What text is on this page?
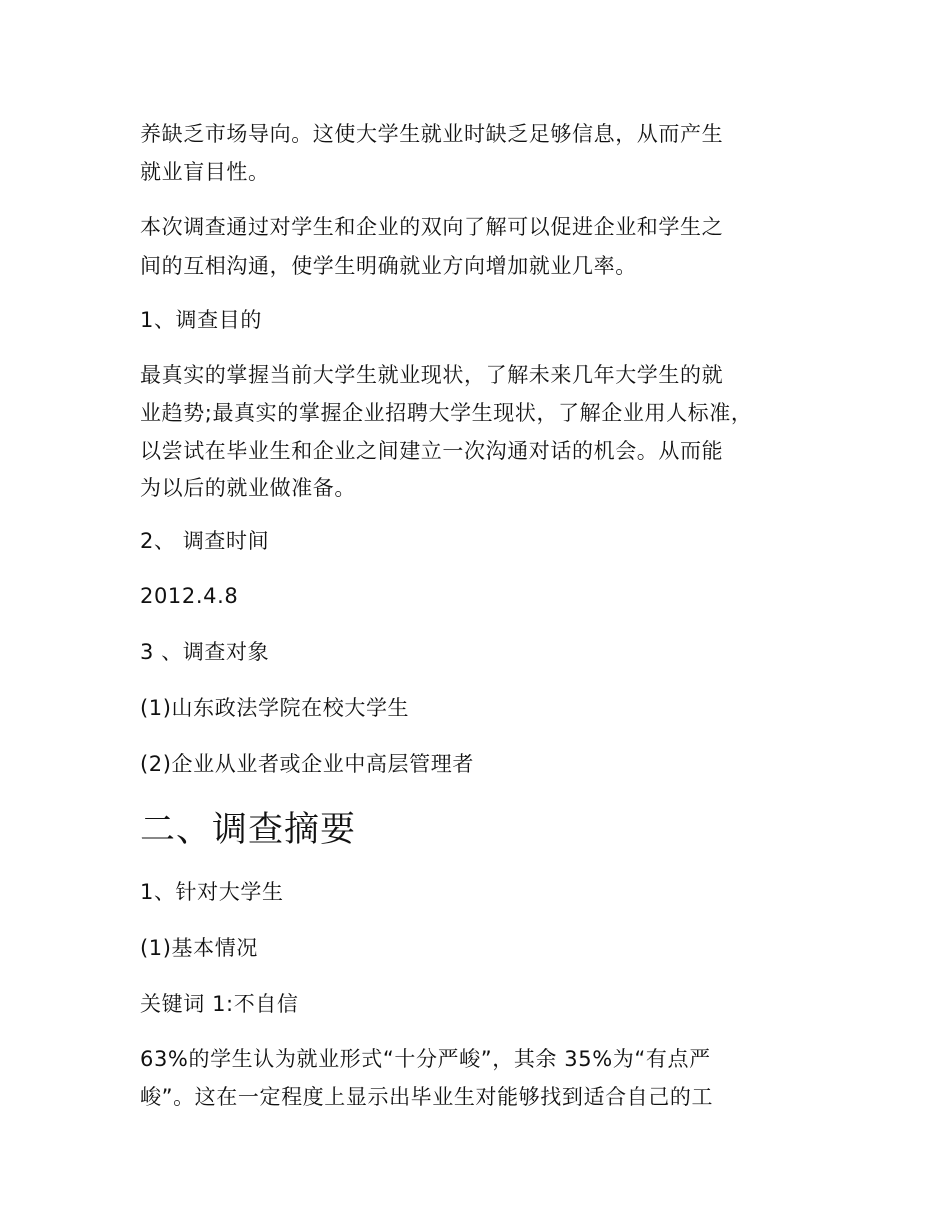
养缺乏市场导向。这使大学生就业时缺乏足够信息，从而产生
就业盲目性。
本次调查通过对学生和企业的双向了解可以促进企业和学生之
间的互相沟通，使学生明确就业方向增加就业几率。
1、调查目的
最真实的掌握当前大学生就业现状，了解未来几年大学生的就
业趋势;最真实的掌握企业招聘大学生现状，了解企业用人标准，
以尝试在毕业生和企业之间建立一次沟通对话的机会。从而能
为以后的就业做准备。
2、 调查时间
2012.4.8
3 、调查对象
(1)山东政法学院在校大学生
(2)企业从业者或企业中高层管理者
二、调查摘要
1、针对大学生
(1)基本情况
关键词 1:不自信
63%的学生认为就业形式“十分严峻”，其余 35%为“有点严
峻”。这在一定程度上显示出毕业生对能够找到适合自己的工
